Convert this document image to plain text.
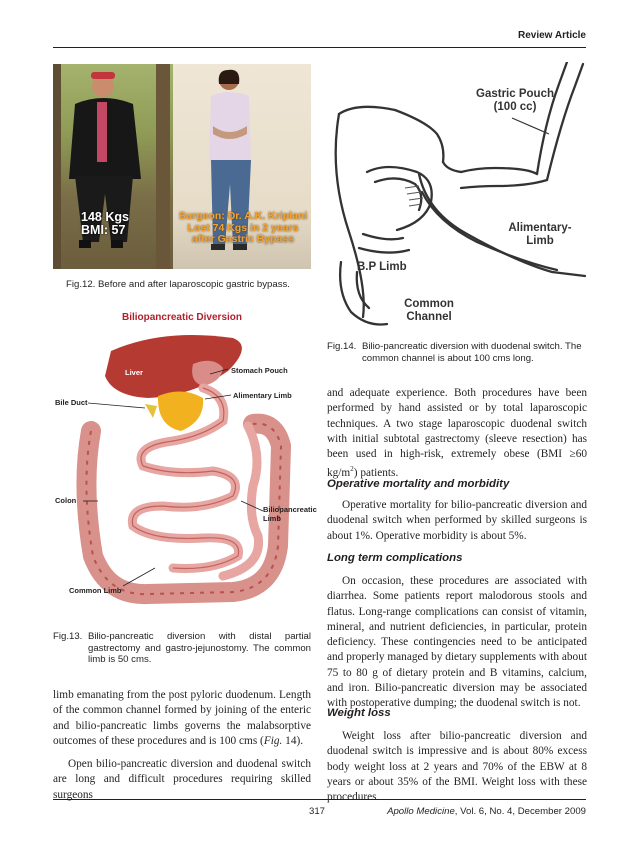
Review Article
148 Kgs
BMI: 57
Surgeon: Dr. A.K. Kriplani
Lost 74 Kgs in 2 years
after Gastric Bypass
Fig.12. Before and after laparoscopic gastric bypass.
Biliopancreatic Diversion
Liver	Stomach Pouch
Bile Duct
Alimentary Limb
Colon
Biliopancreatic
Limb
Common Limb
Fig.13. Bilio-pancreatic diversion with distal partial gastrectomy and gastro-jejunostomy. The common limb is 50 cms.
limb emanating from the post pyloric duodenum. Length of the common channel formed by joining of the enteric and bilio-pancreatic limbs governs the malabsorptive outcomes of these procedures and is 100 cms (Fig. 14).
Open bilio-pancreatic diversion and duodenal switch are long and difficult procedures requiring skilled surgeons
Gastric Pouch
(100 cc)
Alimentary-
Limb
B.P Limb
Common
Channel
Fig.14. Bilio-pancreatic diversion with duodenal switch. The common channel is about 100 cms long.
and adequate experience. Both procedures have been performed by hand assisted or by total laparoscopic techniques. A two stage laparoscopic duodenal switch with initial subtotal gastrectomy (sleeve resection) has been used in high-risk, extremely obese (BMI ≥60 $kg/m^2$) patients.
Operative mortality and morbidity
Operative mortality for bilio-pancreatic diversion and duodenal switch when performed by skilled surgeons is about 1%. Operative morbidity is about 5%.
Long term complications
On occasion, these procedures are associated with diarrhea. Some patients report malodorous stools and flatus. Long-range complications can consist of vitamin, mineral, and nutrient deficiencies, in particular, protein deficiency. These contingencies need to be anticipated and properly managed by dietary supplements with about 75 to 80 g of dietary protein and B vitamins, calcium, and iron. Bilio-pancreatic diversion may be associated with postoperative dumping; the duodenal switch is not.
Weight loss
Weight loss after bilio-pancreatic diversion and duodenal switch is impressive and is about 80% excess body weight loss at 2 years and 70% of the EBW at 8 years or about 35% of the BMI. Weight loss with these procedures
317	Apollo Medicine, Vol. 6, No. 4, December 2009
